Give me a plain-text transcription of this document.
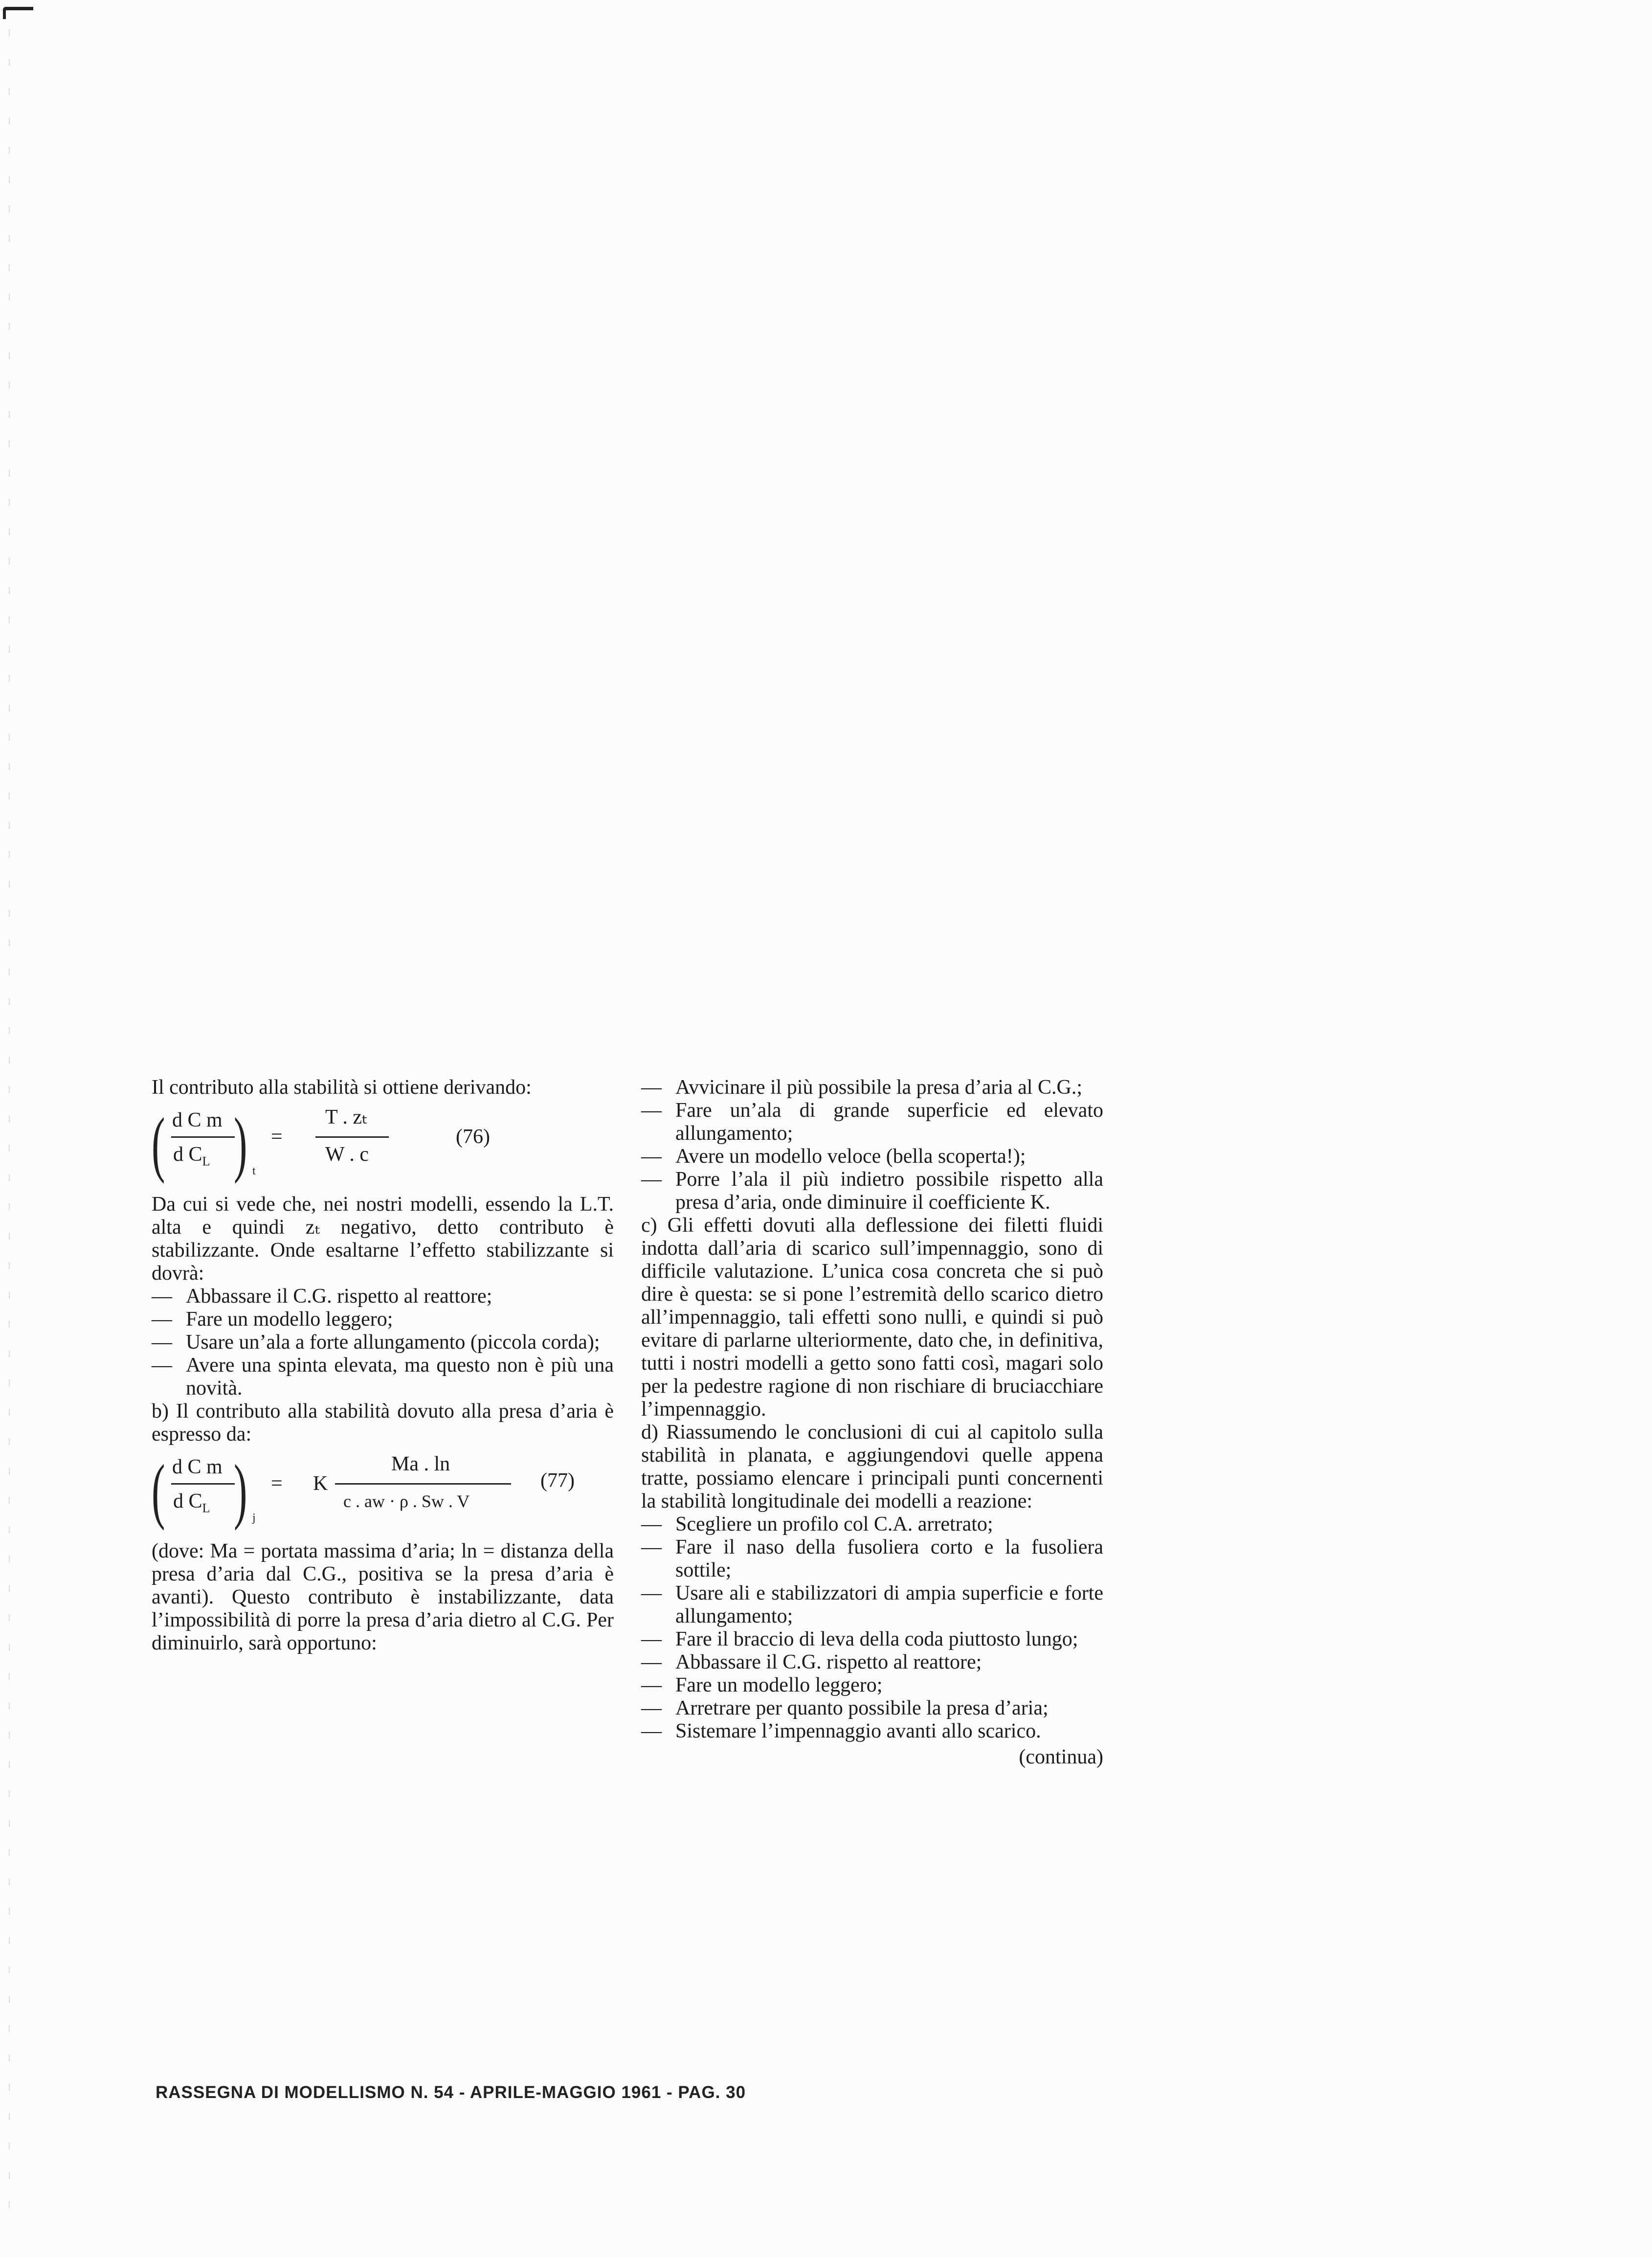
Il contributo alla stabilità si ottiene derivando:

( d C m
d $C_L$ ) t
=
T . zₜ
W . c
(76)

Da cui si vede che, nei nostri modelli, essendo la L.T. alta e quindi zₜ negativo, detto contributo è stabilizzante. Onde esaltarne l’effetto stabilizzante si dovrà:

— Abbassare il C.G. rispetto al reattore;

— Fare un modello leggero;

— Usare un’ala a forte allungamento (piccola corda);

— Avere una spinta elevata, ma questo non è più una novità.

b) Il contributo alla stabilità dovuto alla presa d’aria è espresso da:

( d C m
d $C_L$ ) j
= K
Ma . ln
c . aw · ρ . Sw . V
(77)

(dove: Ma = portata massima d’aria; ln = distanza della presa d’aria dal C.G., positiva se la presa d’aria è avanti). Questo contributo è instabilizzante, data l’impossibilità di porre la presa d’aria dietro al C.G. Per diminuirlo, sarà opportuno:

— Avvicinare il più possibile la presa d’aria al C.G.;

— Fare un’ala di grande superficie ed elevato allungamento;

— Avere un modello veloce (bella scoperta!);

— Porre l’ala il più indietro possibile rispetto alla presa d’aria, onde diminuire il coefficiente K.

c) Gli effetti dovuti alla deflessione dei filetti fluidi indotta dall’aria di scarico sull’impennaggio, sono di difficile valutazione. L’unica cosa concreta che si può dire è questa: se si pone l’estremità dello scarico dietro all’impennaggio, tali effetti sono nulli, e quindi si può evitare di parlarne ulteriormente, dato che, in definitiva, tutti i nostri modelli a getto sono fatti così, magari solo per la pedestre ragione di non rischiare di bruciacchiare l’impennaggio.

d) Riassumendo le conclusioni di cui al capitolo sulla stabilità in planata, e aggiungendovi quelle appena tratte, possiamo elencare i principali punti concernenti la stabilità longitudinale dei modelli a reazione:

— Scegliere un profilo col C.A. arretrato;

— Fare il naso della fusoliera corto e la fusoliera sottile;

— Usare ali e stabilizzatori di ampia superficie e forte allungamento;

— Fare il braccio di leva della coda piuttosto lungo;

— Abbassare il C.G. rispetto al reattore;

— Fare un modello leggero;

— Arretrare per quanto possibile la presa d’aria;

— Sistemare l’impennaggio avanti allo scarico.

(continua)

RASSEGNA DI MODELLISMO N. 54 - APRILE-MAGGIO 1961 - PAG. 30
